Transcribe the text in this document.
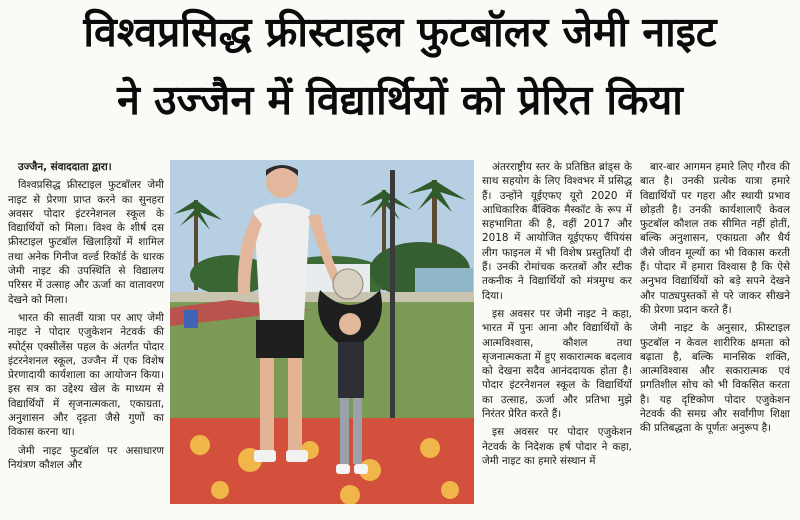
विश्वप्रसिद्ध फ्रीस्टाइल फुटबॉलर जेमी नाइट
ने उज्जैन में विद्यार्थियों को प्रेरित किया

उज्जैन, संवाददाता द्वारा।

विश्वप्रसिद्ध फ्रीस्टाइल फुटबॉलर जेमी नाइट से प्रेरणा प्राप्त करने का सुनहरा अवसर पोदार इंटरनेशनल स्कूल के विद्यार्थियों को मिला। विश्व के शीर्ष दस फ्रीस्टाइल फुटबॉल खिलाड़ियों में शामिल तथा अनेक गिनीज वर्ल्ड रिकॉर्ड के धारक जेमी नाइट की उपस्थिति से विद्यालय परिसर में उत्साह और ऊर्जा का वातावरण देखने को मिला।

भारत की सातवीं यात्रा पर आए जेमी नाइट ने पोदार एजुकेशन नेटवर्क की स्पोर्ट्स एक्सीलेंस पहल के अंतर्गत पोदार इंटरनेशनल स्कूल, उज्जैन में एक विशेष प्रेरणादायी कार्यशाला का आयोजन किया। इस सत्र का उद्देश्य खेल के माध्यम से विद्यार्थियों में सृजनात्मकता, एकाग्रता, अनुशासन और दृढ़ता जैसे गुणों का विकास करना था।

जेमी नाइट फुटबॉल पर असाधारण नियंत्रण कौशल और

अंतरराष्ट्रीय स्तर के प्रतिष्ठित ब्रांड्स के साथ सहयोग के लिए विश्वभर में प्रसिद्ध हैं। उन्होंने यूईएफए यूरो 2020 में आधिकारिक बैंक्विक मैस्कॉट के रूप में सहभागिता की है, वहीं 2017 और 2018 में आयोजित यूईएफए चैंपियंस लीग फाइनल में भी विशेष प्रस्तुतियाँ दी हैं। उनकी रोमांचक करतबों और स्टीक तकनीक ने विद्यार्थियों को मंत्रमुग्ध कर दिया।

इस अवसर पर जेमी नाइट ने कहा, भारत में पुनः आना और विद्यार्थियों के आत्मविश्वास, कौशल तथा सृजनात्मकता में हुए सकारात्मक बदलाव को देखना सदैव आनंददायक होता है। पोदार इंटरनेशनल स्कूल के विद्यार्थियों का उत्साह, ऊर्जा और प्रतिभा मुझे निरंतर प्रेरित करते हैं।

इस अवसर पर पोदार एजुकेशन नेटवर्क के निदेशक हर्ष पोदार ने कहा, जेमी नाइट का हमारे संस्थान में

बार-बार आगमन हमारे लिए गौरव की बात है। उनकी प्रत्येक यात्रा हमारे विद्यार्थियों पर गहरा और स्थायी प्रभाव छोड़ती है। उनकी कार्यशालाएँ केवल फुटबॉल कौशल तक सीमित नहीं होतीं, बल्कि अनुशासन, एकाग्रता और धैर्य जैसे जीवन मूल्यों का भी विकास करती हैं। पोदार में हमारा विश्वास है कि ऐसे अनुभव विद्यार्थियों को बड़े सपने देखने और पाठ्यपुस्तकों से परे जाकर सीखने की प्रेरणा प्रदान करते हैं।

जेमी नाइट के अनुसार, फ्रीस्टाइल फुटबॉल न केवल शारीरिक क्षमता को बढ़ाता है, बल्कि मानसिक शक्ति, आत्मविश्वास और सकारात्मक एवं प्रगतिशील सोच को भी विकसित करता है। यह दृष्टिकोण पोदार एजुकेशन नेटवर्क की समग्र और सर्वांगीण शिक्षा की प्रतिबद्धता के पूर्णतः अनुरूप है।
